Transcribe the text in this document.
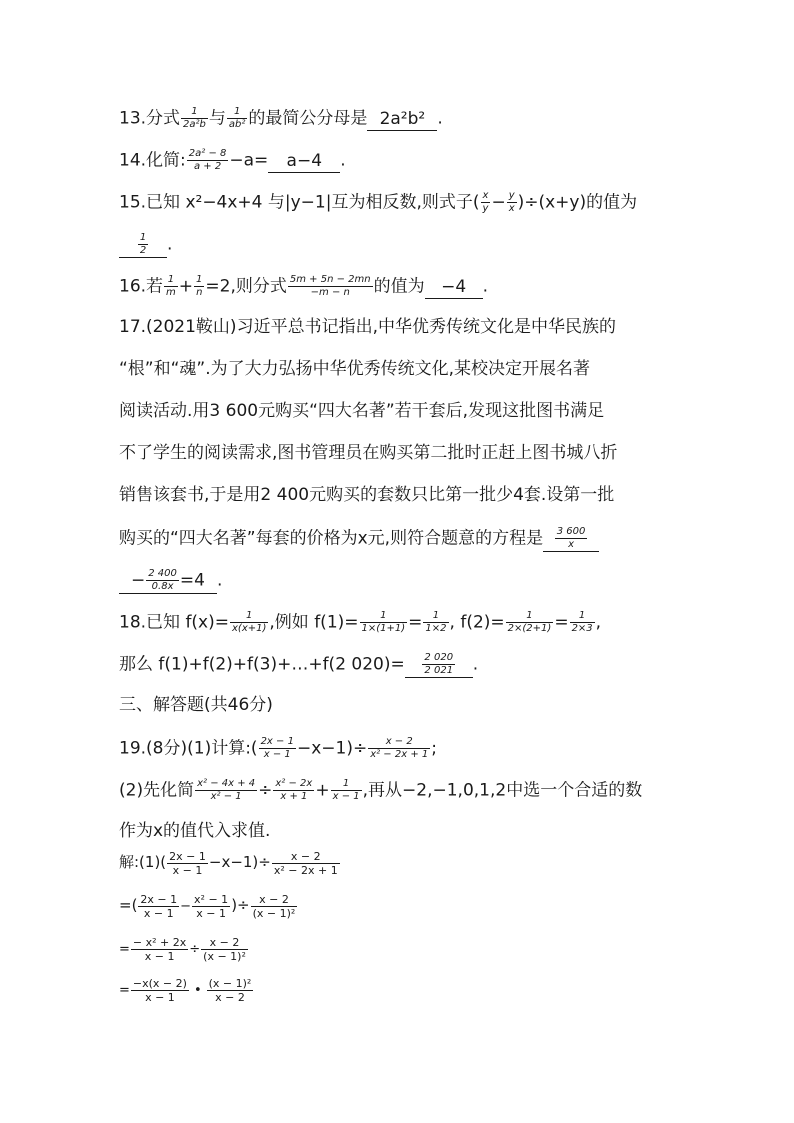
13.分式 $\frac{1}{\text{2a²b}}$ 与 $\frac{1}{\text{ab²}}$ 的最简公分母是 2a²b² .
14.化简: $\frac{\text{2a² − 8}}{a + 2} -a= a-4$ .
15.已知 x²−4x+4 与|y−1|互为相反数,则式子( $\frac{x}{y} - \frac{y}{x} )\div(x+y)$的值为
$\frac{1}{2}$ .
16.若 $\frac{1}{m} + \frac{1}{n} =2$,则分式 $\frac{5m + 5n - 2mn}{-m - n}$ 的值为 −4 .
17.(2021鞍山)习近平总书记指出,中华优秀传统文化是中华民族的
“根”和“魂”.为了大力弘扬中华优秀传统文化,某校决定开展名著
阅读活动.用3 600元购买“四大名著”若干套后,发现这批图书满足
不了学生的阅读需求,图书管理员在购买第二批时正赶上图书城八折
销售该套书,于是用2 400元购买的套数只比第一批少4套.设第一批
购买的“四大名著”每套的价格为x元,则符合题意的方程是 $\frac{3 600}{x}$
− $\frac{2 400}{0.8x} =4$ .
18.已知 $f(x)= \frac{1}{x(x+1)}$ ,例如 $f(1)= \frac{1}{1\times(1+1)} = \frac{1}{1\times 2}$ , $f(2)= \frac{1}{2\times(2+1)} = \frac{1}{2\times 3}$ ,
那么 f(1)+f(2)+f(3)+…+f(2 $020)= \frac{2 020}{2 021}$ .
三、解答题(共46分)
19.(8分)(1)计算:( $\frac{2x - 1}{x - 1} -x-1)\div \frac{x - 2}{\text{x² − 2x + 1}}$ ;
(2)先化简 $\frac{\text{x² − 4x + 4}}{\text{x² − 1}} \div \frac{\text{x² − 2x}}{x + 1} + \frac{1}{x - 1}$ ,再从−2,−1,0,1,2中选一个合适的数
作为x的值代入求值.
解:(1)( $\frac{2x - 1}{x - 1} -x-1)\div \frac{x - 2}{\text{x² − 2x + 1}}$
=( $\frac{2x - 1}{x - 1} - \frac{\text{x² − 1}}{x - 1}$ )÷ $\frac{x - 2}{\text{(x − 1)²}}$
= $\frac{\text{− x² + 2x}}{x - 1} \div \frac{x - 2}{\text{(x − 1)²}}$
= $\frac{-x(x - 2)}{x - 1}$ • $\frac{\text{(x − 1)²}}{x - 2}$
